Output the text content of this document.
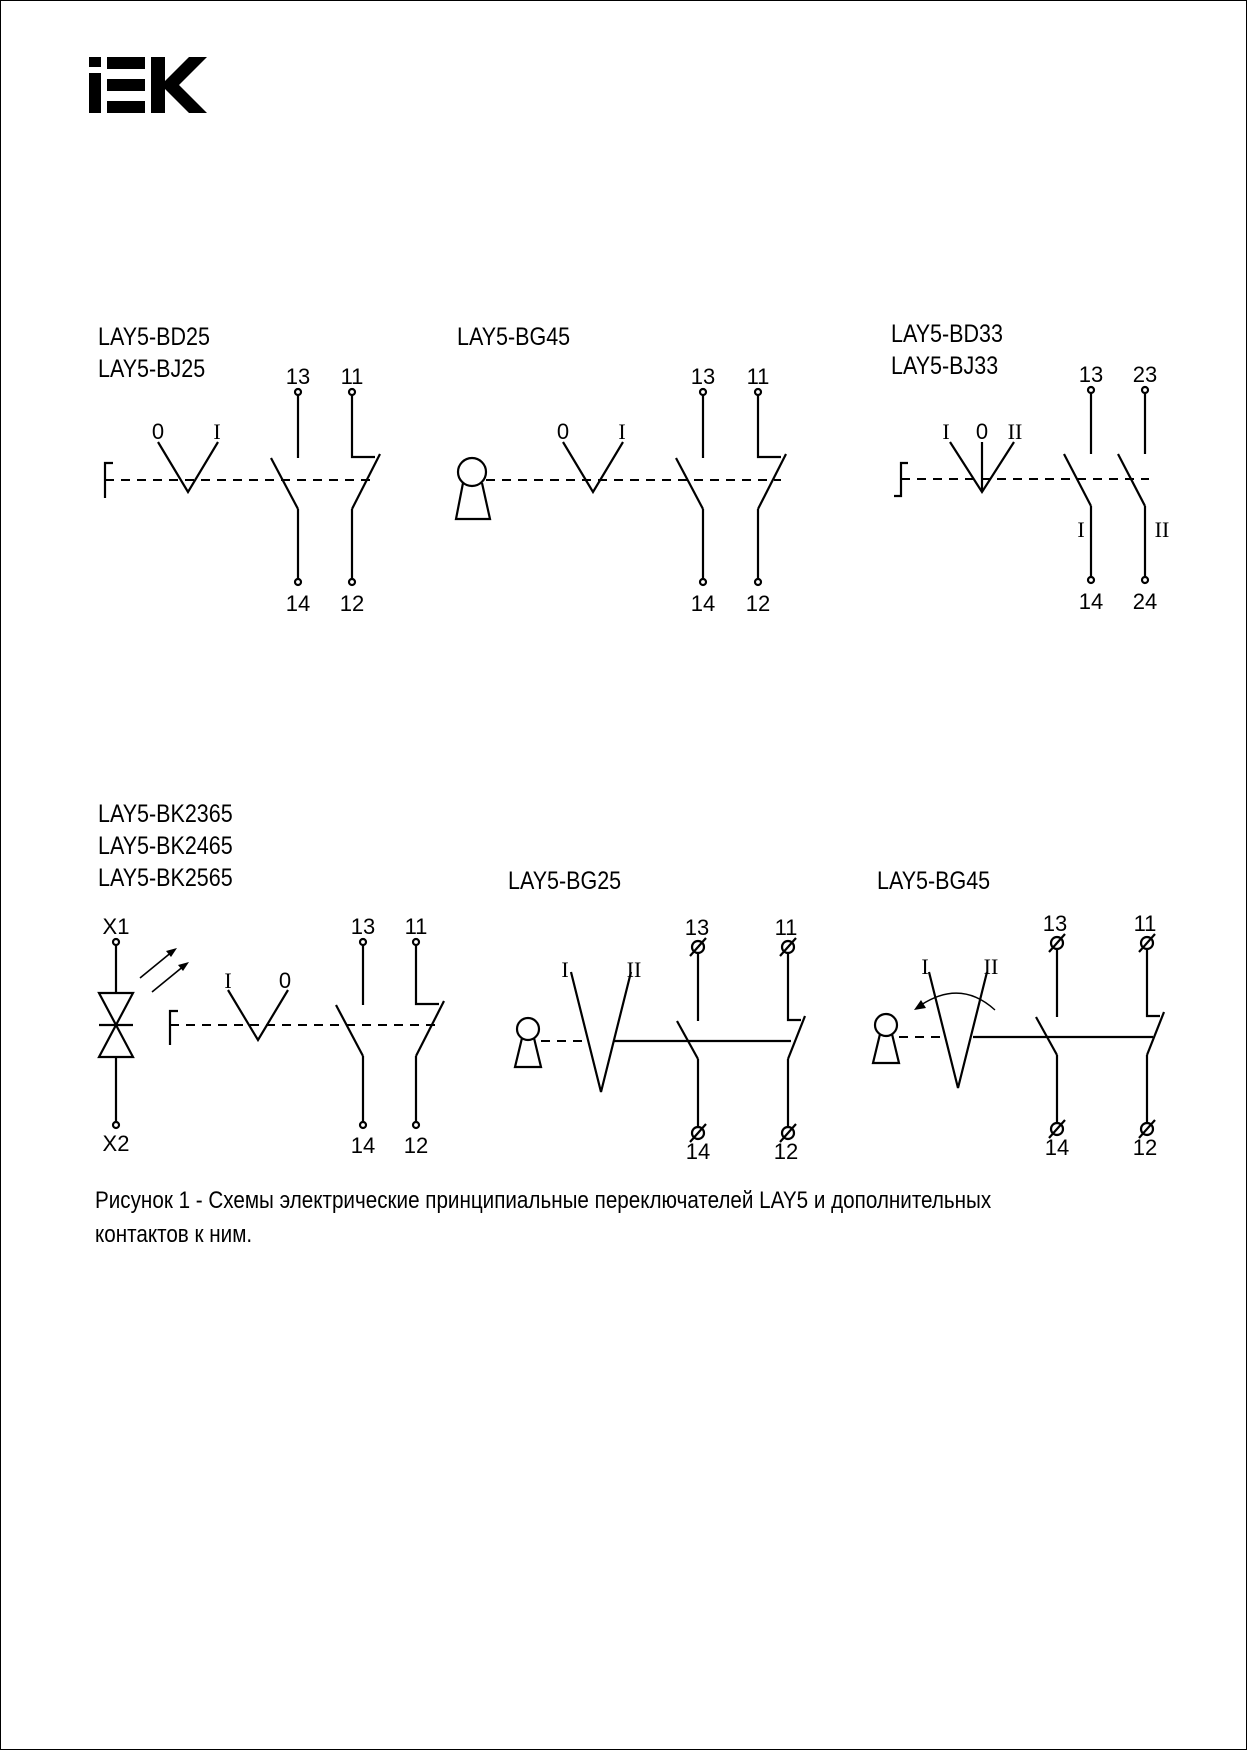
LAY5-BD25
LAY5-BJ25
LAY5-BG45	LAY5-BD33
LAY5-BJ33
LAY5-BK2365
LAY5-BK2465
LAY5-BK2565	LAY5-BG25	LAY5-BG45
0 I
13
14
11
12
0 I
13
14
11
12
I 0 II
13
14
I
23
24
II
X1
X2
I 0
13
14
11
12
I	II
13
14
11
12
I	II
13
14
11
12
Рисунок 1 - Схемы электрические принципиальные переключателей LAY5 и дополнительных
контактов к ним.
